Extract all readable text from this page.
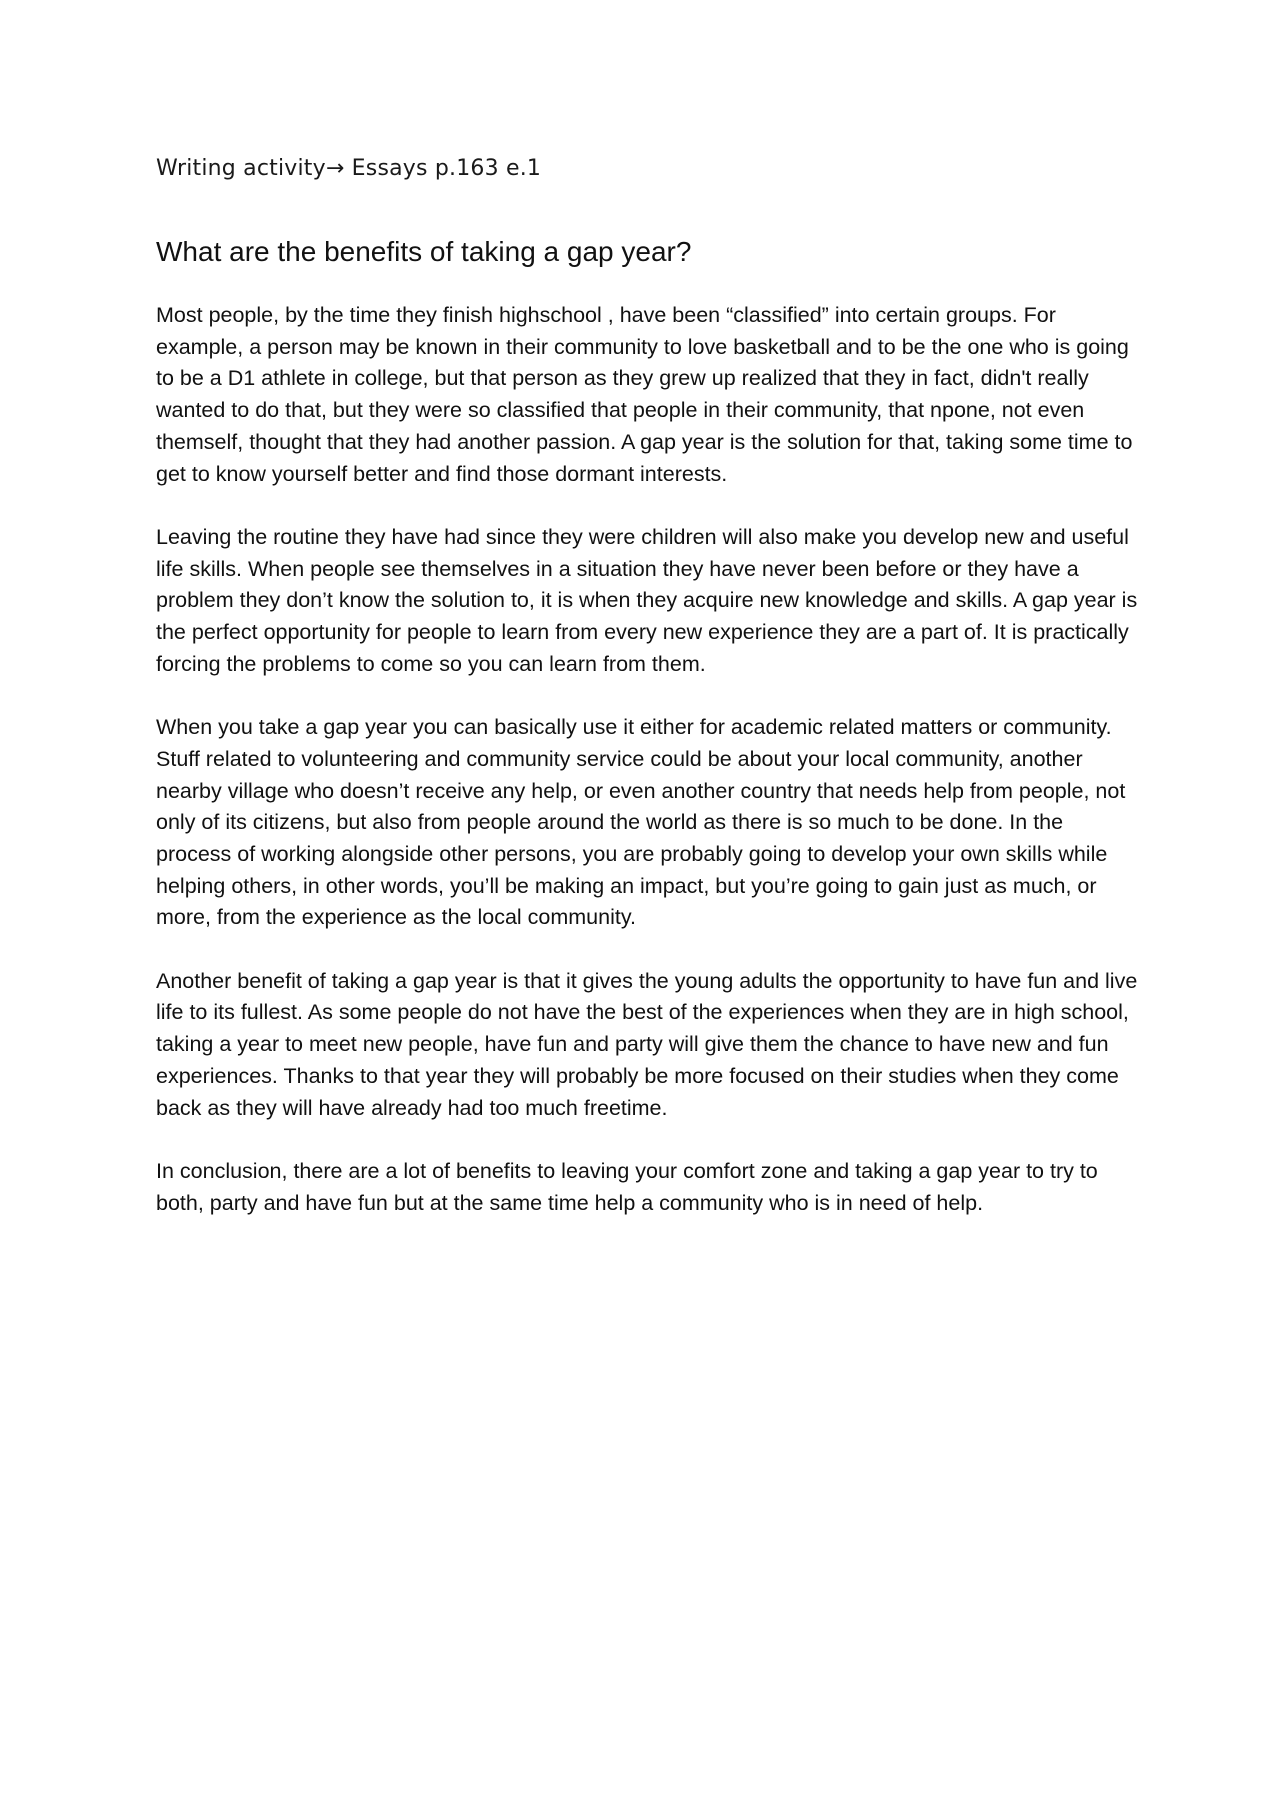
Writing activity→ Essays p.163 e.1
What are the benefits of taking a gap year?

Most people, by the time they finish highschool , have been “classified” into certain groups. For example, a person may be known in their community to love basketball and to be the one who is going to be a D1 athlete in college, but that person as they grew up realized that they in fact, didn't really wanted to do that, but they were so classified that people in their community, that npone, not even themself, thought that they had another passion. A gap year is the solution for that, taking some time to get to know yourself better and find those dormant interests.

Leaving the routine they have had since they were children will also make you develop new and useful life skills. When people see themselves in a situation they have never been before or they have a problem they don’t know the solution to, it is when they acquire new knowledge and skills. A gap year is the perfect opportunity for people to learn from every new experience they are a part of. It is practically forcing the problems to come so you can learn from them.

When you take a gap year you can basically use it either for academic related matters or community. Stuff related to volunteering and community service could be about your local community, another nearby village who doesn’t receive any help, or even another country that needs help from people, not only of its citizens, but also from people around the world as there is so much to be done. In the process of working alongside other persons, you are probably going to develop your own skills while helping others, in other words, you’ll be making an impact, but you’re going to gain just as much, or more, from the experience as the local community.

Another benefit of taking a gap year is that it gives the young adults the opportunity to have fun and live life to its fullest. As some people do not have the best of the experiences when they are in high school, taking a year to meet new people, have fun and party will give them the chance to have new and fun experiences. Thanks to that year they will probably be more focused on their studies when they come back as they will have already had too much freetime.

In conclusion, there are a lot of benefits to leaving your comfort zone and taking a gap year to try to both, party and have fun but at the same time help a community who is in need of help.
